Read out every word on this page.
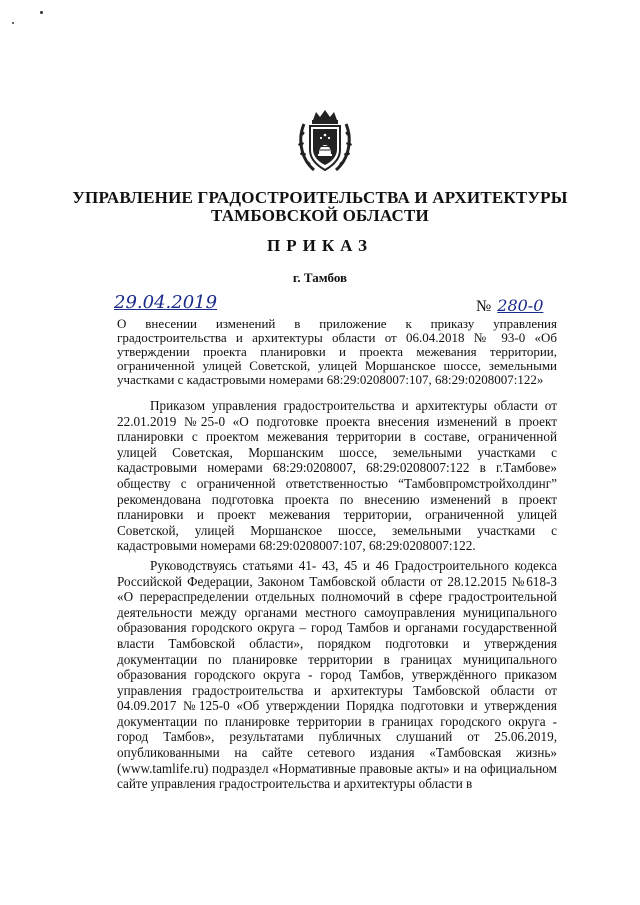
УПРАВЛЕНИЕ ГРАДОСТРОИТЕЛЬСТВА И АРХИТЕКТУРЫ
ТАМБОВСКОЙ ОБЛАСТИ
ПРИКАЗ
г. Тамбов
29.04.2019	№ 280-0
О внесении изменений в приложение к приказу управления градостроительства и архитектуры области от 06.04.2018 № 93-0 «Об утверждении проекта планировки и проекта межевания территории, ограниченной улицей Советской, улицей Моршанское шоссе, земельными участками с кадастровыми номерами 68:29:0208007:107, 68:29:0208007:122»

Приказом управления градостроительства и архитектуры области от 22.01.2019 №25-0 «О подготовке проекта внесения изменений в проект планировки с проектом межевания территории в составе, ограниченной улицей Советская, Моршанским шоссе, земельными участками с кадастровыми номерами 68:29:0208007, 68:29:0208007:122 в г.Тамбове» обществу с ограниченной ответственностью “Тамбовпромстройхолдинг” рекомендована подготовка проекта по внесению изменений в проект планировки и проект межевания территории, ограниченной улицей Советской, улицей Моршанское шоссе, земельными участками с кадастровыми номерами 68:29:0208007:107, 68:29:0208007:122.

Руководствуясь статьями 41- 43, 45 и 46 Градостроительного кодекса Российской Федерации, Законом Тамбовской области от 28.12.2015 №618-З «О перераспределении отдельных полномочий в сфере градостроительной деятельности между органами местного самоуправления муниципального образования городского округа – город Тамбов и органами государственной власти Тамбовской области», порядком подготовки и утверждения документации по планировке территории в границах муниципального образования городского округа - город Тамбов, утверждённого приказом управления градостроительства и архитектуры Тамбовской области от 04.09.2017 №125-0 «Об утверждении Порядка подготовки и утверждения документации по планировке территории в границах городского округа - город Тамбов», результатами публичных слушаний от 25.06.2019, опубликованными на сайте сетевого издания «Тамбовская жизнь» (www.tamlife.ru) подраздел «Нормативные правовые акты» и на официальном сайте управления градостроительства и архитектуры области в
